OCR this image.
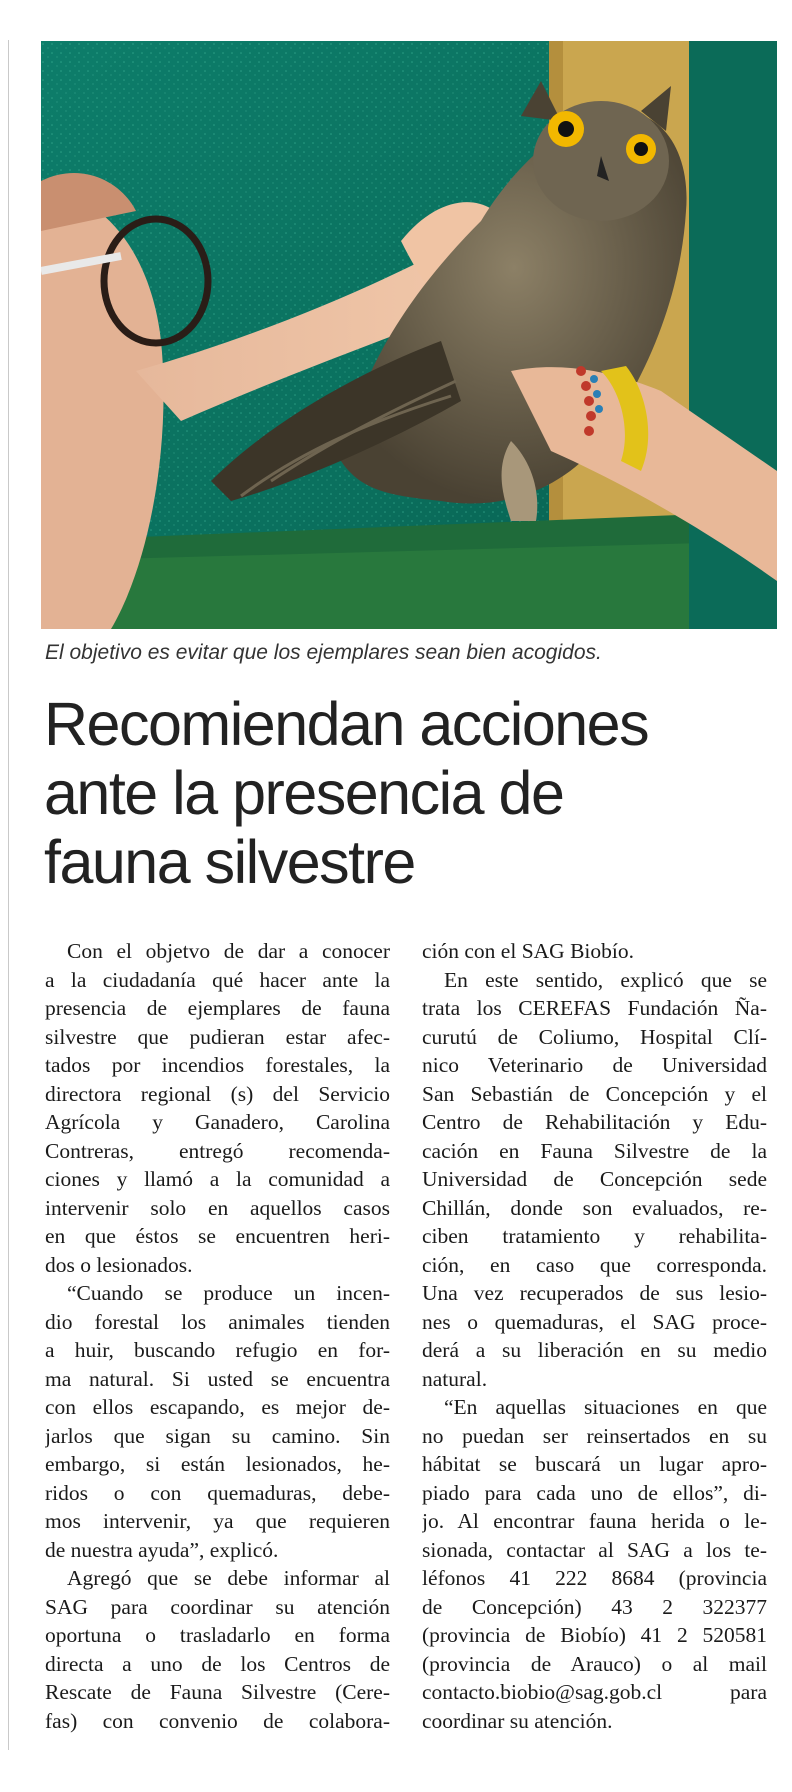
El objetivo es evitar que los ejemplares sean bien acogidos.
Recomiendan acciones
ante la presencia de
fauna silvestre
Con el objetvo de dar a conocer
a la ciudadanía qué hacer ante la
presencia de ejemplares de fauna
silvestre que pudieran estar afec-
tados por incendios forestales, la
directora regional (s) del Servicio
Agrícola y Ganadero, Carolina
Contreras, entregó recomenda-
ciones y llamó a la comunidad a
intervenir solo en aquellos casos
en que éstos se encuentren heri-
dos o lesionados.
“Cuando se produce un incen-
dio forestal los animales tienden
a huir, buscando refugio en for-
ma natural. Si usted se encuentra
con ellos escapando, es mejor de-
jarlos que sigan su camino. Sin
embargo, si están lesionados, he-
ridos o con quemaduras, debe-
mos intervenir, ya que requieren
de nuestra ayuda”, explicó.
Agregó que se debe informar al
SAG para coordinar su atención
oportuna o trasladarlo en forma
directa a uno de los Centros de
Rescate de Fauna Silvestre (Cere-
fas) con convenio de colabora-
ción con el SAG Biobío.
En este sentido, explicó que se
trata los CEREFAS Fundación Ña-
curutú de Coliumo, Hospital Clí-
nico Veterinario de Universidad
San Sebastián de Concepción y el
Centro de Rehabilitación y Edu-
cación en Fauna Silvestre de la
Universidad de Concepción sede
Chillán, donde son evaluados, re-
ciben tratamiento y rehabilita-
ción, en caso que corresponda.
Una vez recuperados de sus lesio-
nes o quemaduras, el SAG proce-
derá a su liberación en su medio
natural.
“En aquellas situaciones en que
no puedan ser reinsertados en su
hábitat se buscará un lugar apro-
piado para cada uno de ellos”, di-
jo. Al encontrar fauna herida o le-
sionada, contactar al SAG a los te-
léfonos 41 222 8684 (provincia
de Concepción) 43 2 322377
(provincia de Biobío) 41 2 520581
(provincia de Arauco) o al mail
contacto.biobio@sag.gob.cl para
coordinar su atención.
